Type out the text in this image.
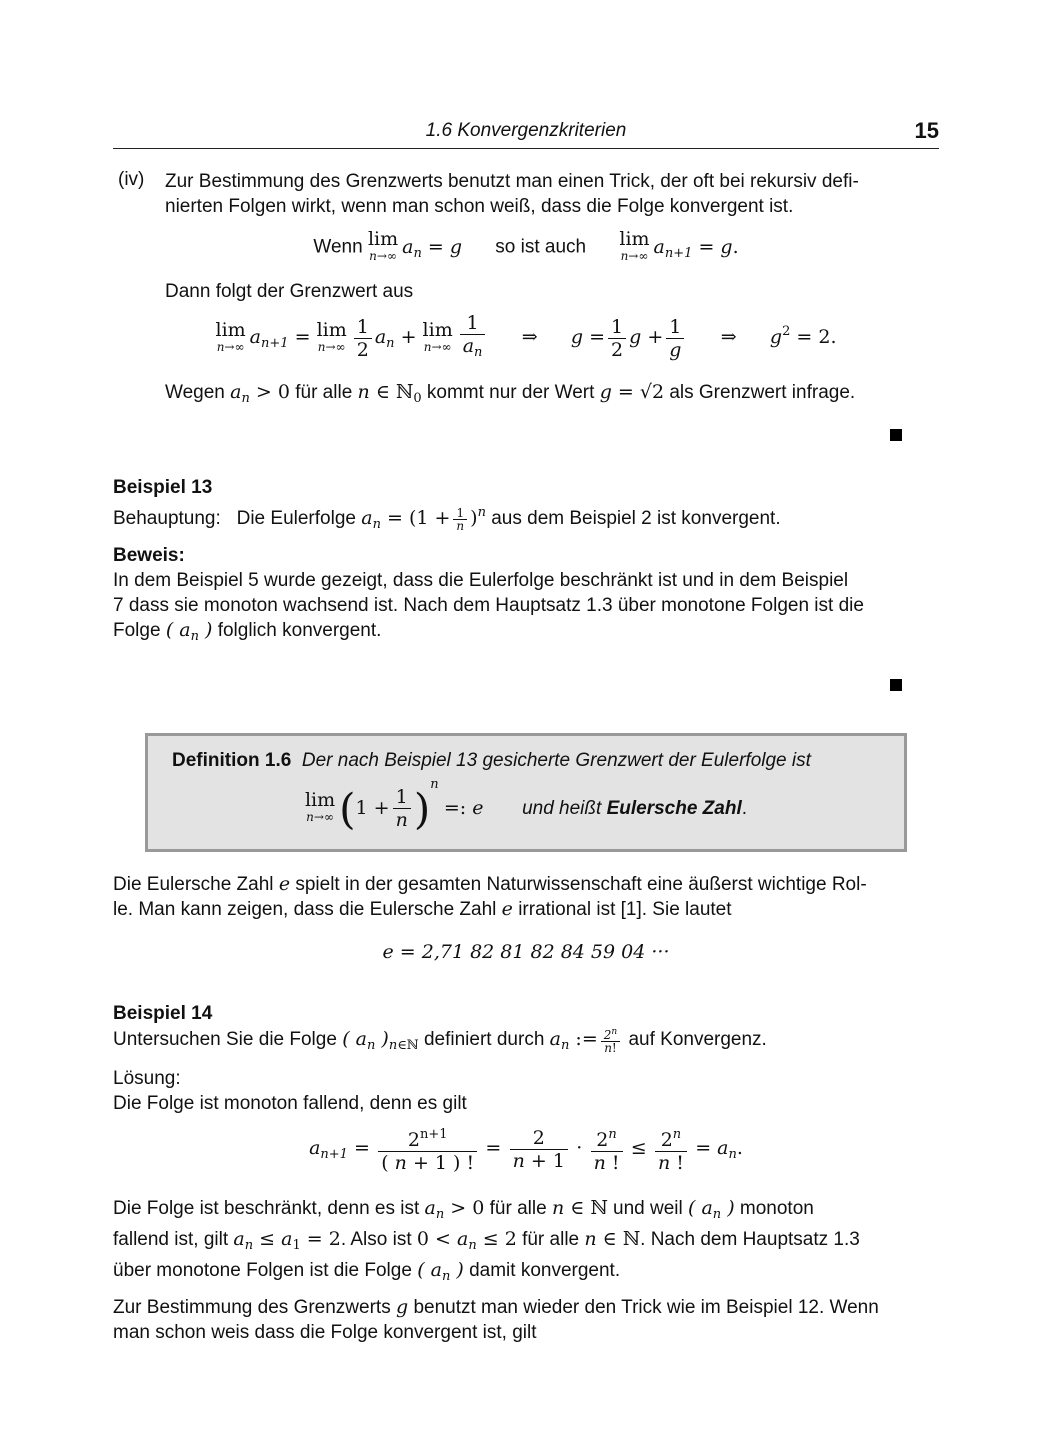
1.6 Konvergenzkriterien	15
(iv) Zur Bestimmung des Grenzwerts benutzt man einen Trick, der oft bei rekursiv defi-

nierten Folgen wirkt, wenn man schon weiß, dass die Folge konvergent ist.

Wenn lim
n→∞ $a_n = g$ so ist auch lim
n→∞ $a_{n+1} = g$.

Dann folgt der Grenzwert aus

lim
n→∞ $a_{n+1} = \lim$
$n\to\infty \frac{1}{2} a_n + \lim$
$n\to\infty \frac{1}{a_n}$ ⇒ $g = \frac{1}{2}$ $g + \frac{1}{g}$ ⇒ $g^2 = 2$.

Wegen $a_n > 0$ für alle n ∈ ℕ$_0$ kommt nur der Wert g = √2 als Grenzwert infrage.

Beispiel 13

Behauptung: Die Eulerfolge $a_n = (1 + \frac{1}{n} )^n$ aus dem Beispiel 2 ist konvergent.

Beweis:

In dem Beispiel 5 wurde gezeigt, dass die Eulerfolge beschränkt ist und in dem Beispiel

7 dass sie monoton wachsend ist. Nach dem Hauptsatz 1.3 über monotone Folgen ist die

Folge ( $a_n$ ) folglich konvergent.

Definition 1.6 Der nach Beispiel 13 gesicherte Grenzwert der Eulerfolge ist

lim
n→∞ $(1 + \frac{1}{n} )^n$ =: e und heißt Eulersche Zahl.

Die Eulersche Zahl e spielt in der gesamten Naturwissenschaft eine äußerst wichtige Rol-

le. Man kann zeigen, dass die Eulersche Zahl e irrational ist [1]. Sie lautet

e = 2,71 82 81 82 84 59 04 ···

Beispiel 14

Untersuchen Sie die Folge ( $a_n$ )$_{n\in ℕ}$ definiert durch $a_n$ := $\frac{2^n}{n!}$ auf Konvergenz.

Lösung:

Die Folge ist monoton fallend, denn es gilt

$a_{n+1} = \frac{2^{n+1}}{( n + 1 ) !} = \frac{2}{n + 1} \cdot \frac{2^n}{n !} \le \frac{2^n}{n !} = a_n$.

Die Folge ist beschränkt, denn es ist $a_n > 0$ für alle n ∈ ℕ und weil ( $a_n$ ) monoton

fallend ist, gilt $a_n \le a_1 = 2$. Also ist $0 < a_n \le 2$ für alle n ∈ ℕ. Nach dem Hauptsatz 1.3

über monotone Folgen ist die Folge ( $a_n$ ) damit konvergent.

Zur Bestimmung des Grenzwerts g benutzt man wieder den Trick wie im Beispiel 12. Wenn

man schon weis dass die Folge konvergent ist, gilt
